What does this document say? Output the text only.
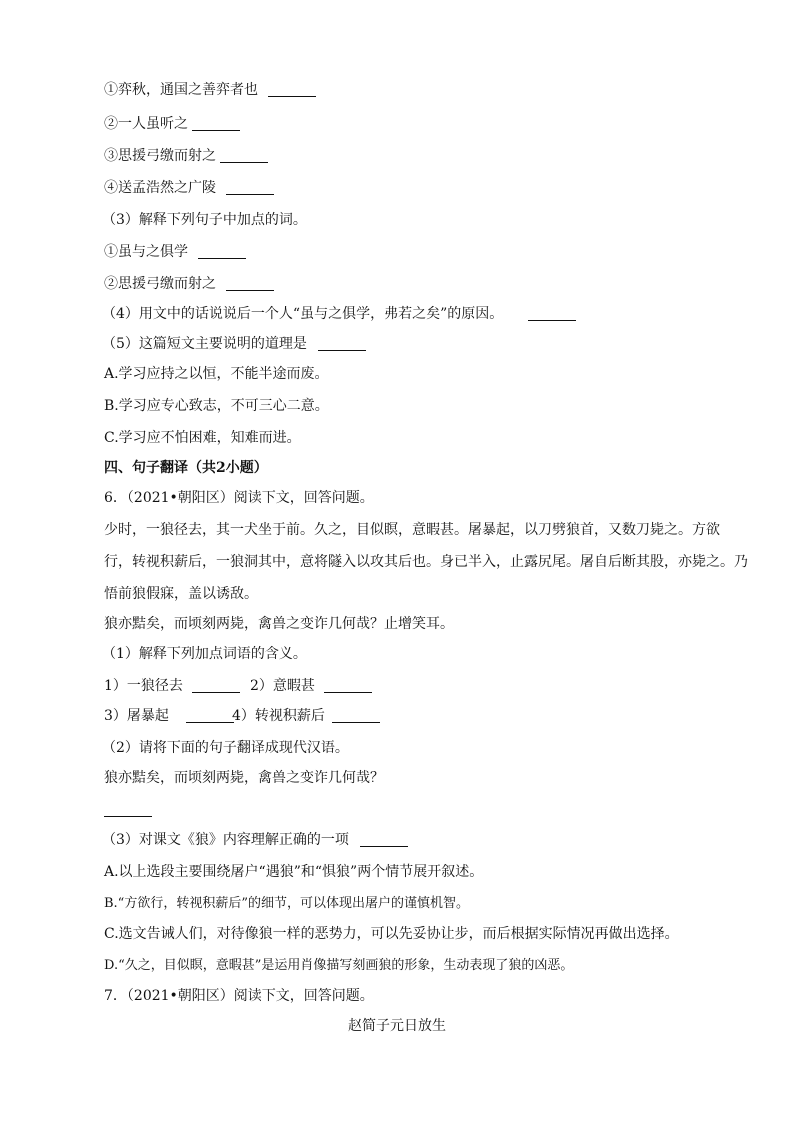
①弈秋，通国之善弈者也
②一人虽听之
③思援弓缴而射之
④送孟浩然之广陵
（3）解释下列句子中加点的词。
①虽与之俱学
②思援弓缴而射之
（4）用文中的话说说后一个人“虽与之俱学，弗若之矣”的原因。
（5）这篇短文主要说明的道理是
A.学习应持之以恒，不能半途而废。
B.学习应专心致志，不可三心二意。
C.学习应不怕困难，知难而进。
四、句子翻译（共2小题）
6．（2021•朝阳区）阅读下文，回答问题。
少时，一狼径去，其一犬坐于前。久之，目似瞑，意暇甚。屠暴起，以刀劈狼首，又数刀毙之。方欲
行，转视积薪后，一狼洞其中，意将隧入以攻其后也。身已半入，止露尻尾。屠自后断其股，亦毙之。乃
悟前狼假寐，盖以诱敌。
狼亦黠矣，而顷刻两毙，禽兽之变诈几何哉？止增笑耳。
（1）解释下列加点词语的含义。
1）一狼径去	2）意暇甚
3）屠暴起	4）转视积薪后
（2）请将下面的句子翻译成现代汉语。
狼亦黠矣，而顷刻两毙，禽兽之变诈几何哉？
（3）对课文《狼》内容理解正确的一项
A.以上选段主要围绕屠户“遇狼”和“惧狼”两个情节展开叙述。
B.“方欲行，转视积薪后”的细节，可以体现出屠户的谨慎机智。
C.选文告诫人们，对待像狼一样的恶势力，可以先妥协让步，而后根据实际情况再做出选择。
D.“久之，目似瞑，意暇甚”是运用肖像描写刻画狼的形象，生动表现了狼的凶恶。
7．（2021•朝阳区）阅读下文，回答问题。
赵简子元日放生
